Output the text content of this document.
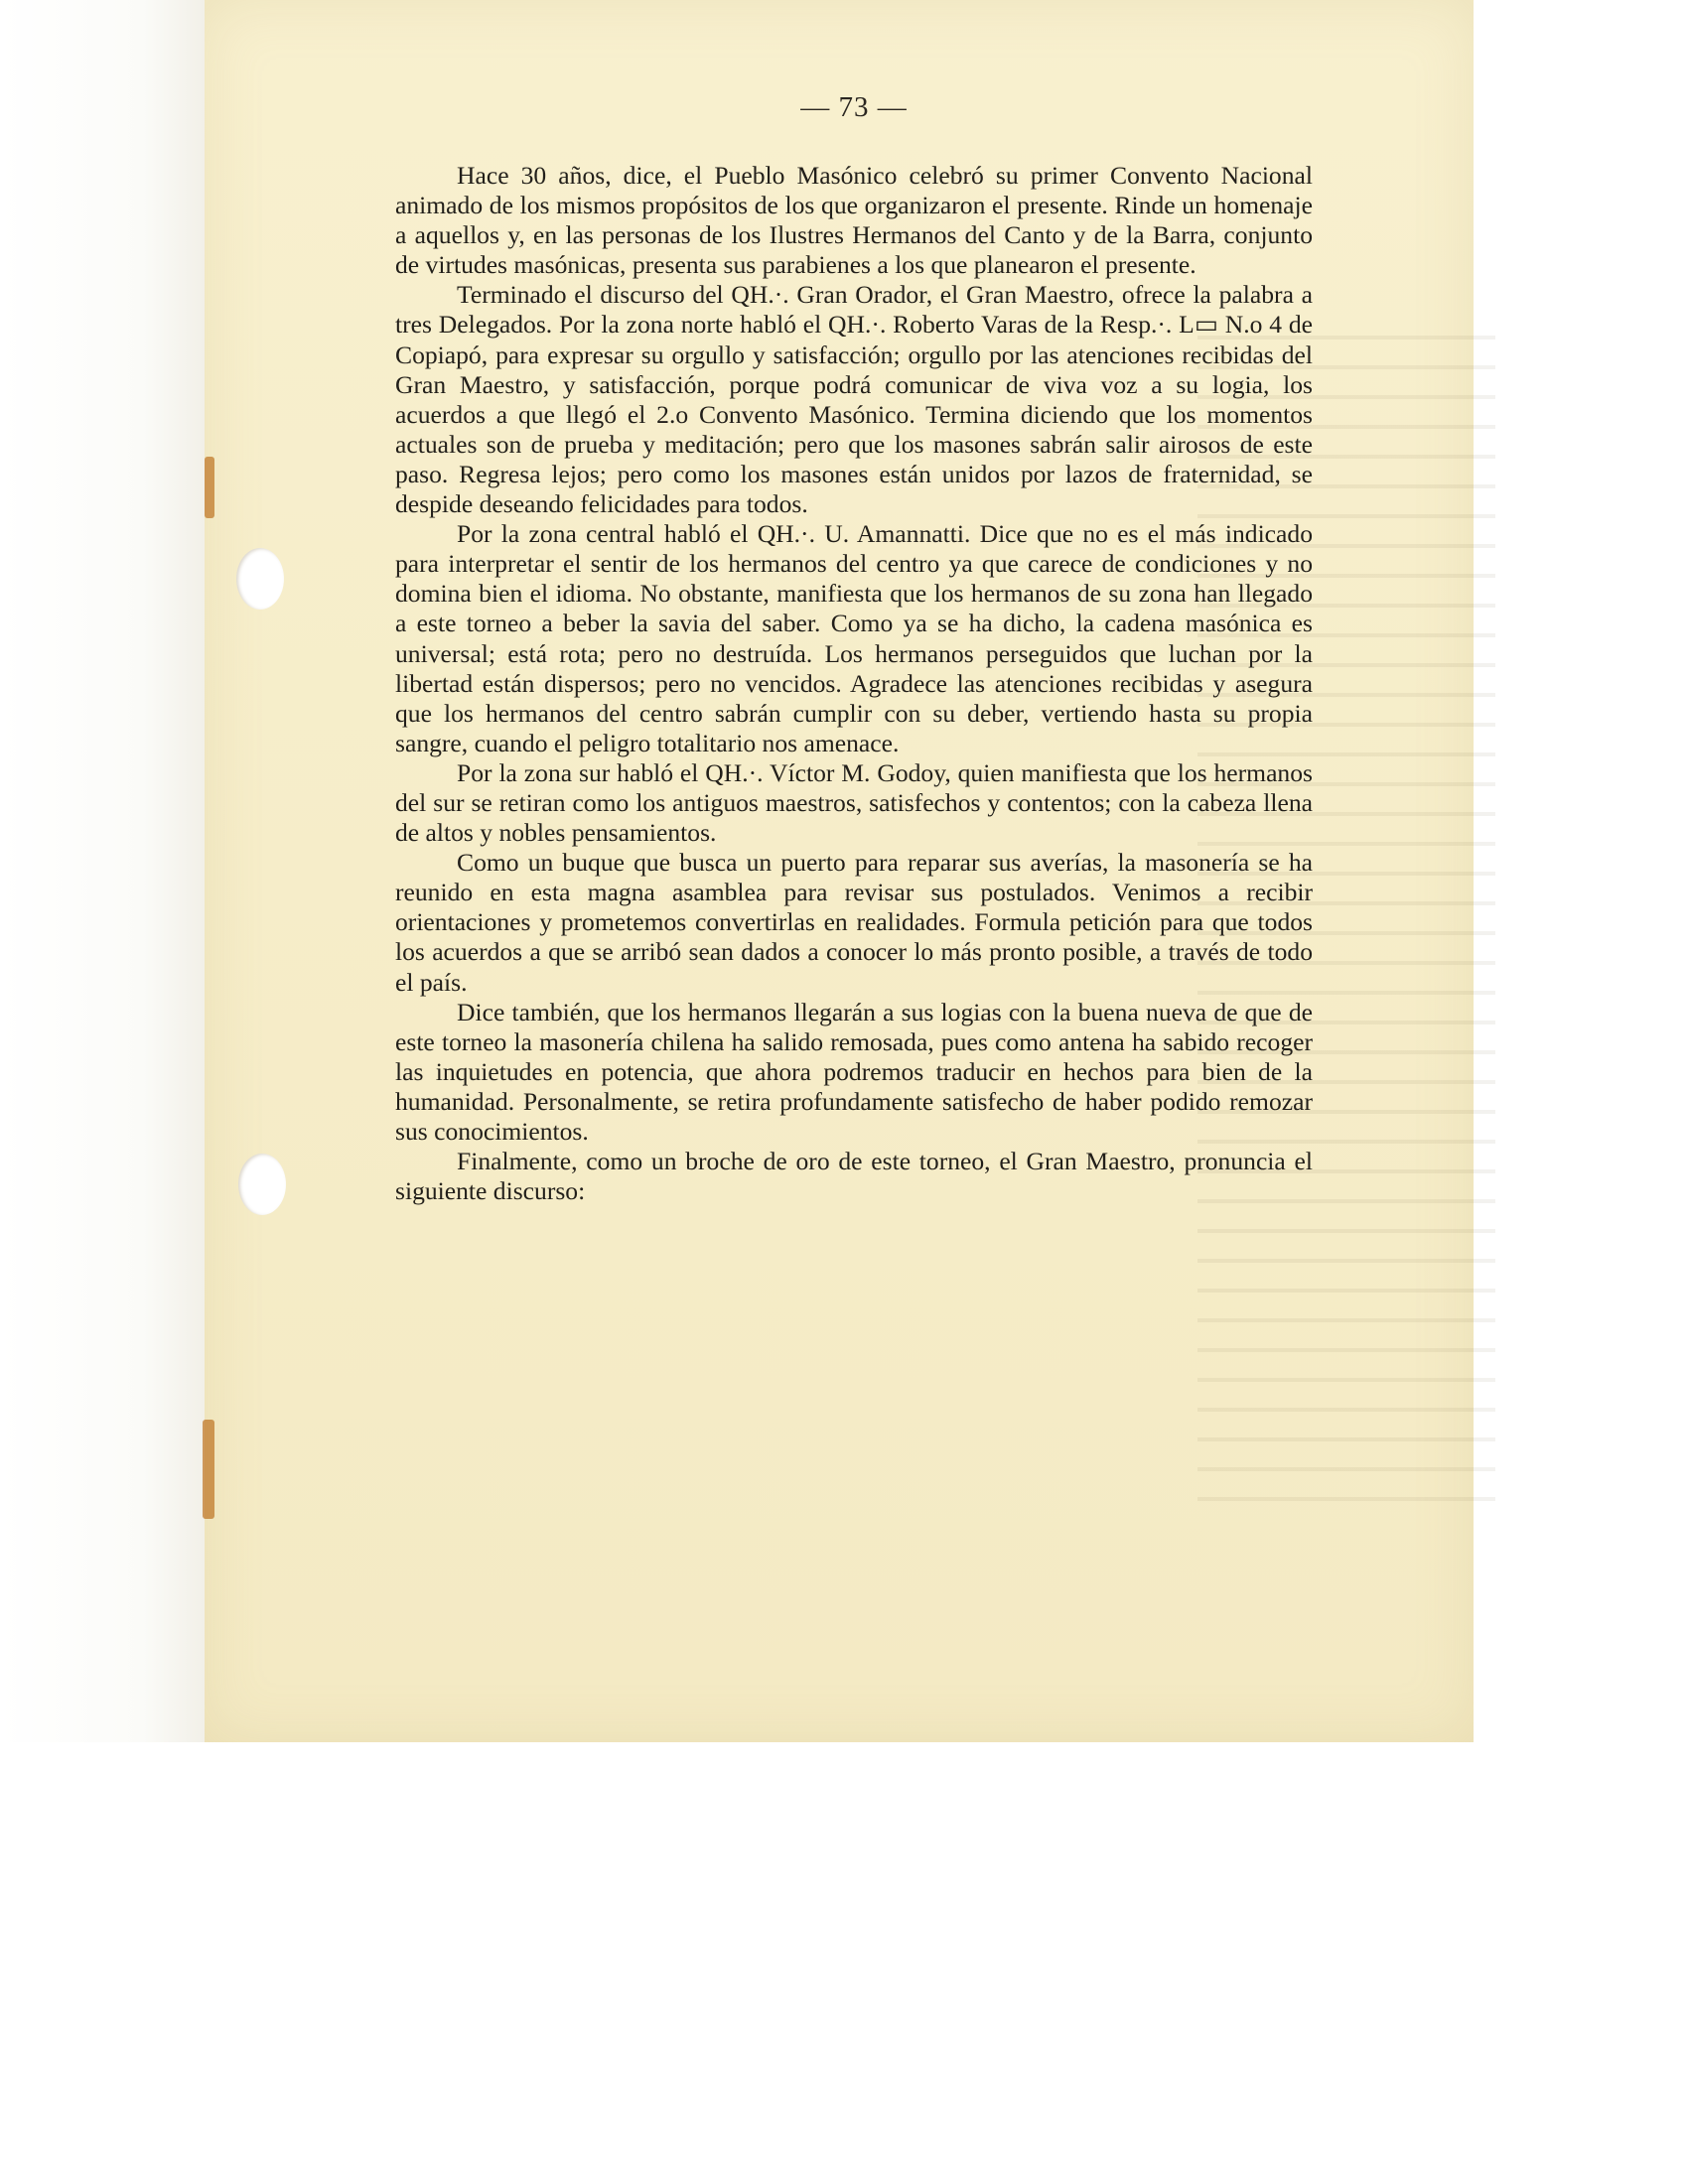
— 73 —

Hace 30 años, dice, el Pueblo Masónico celebró su primer Convento Nacional animado de los mismos propósitos de los que organizaron el presente. Rinde un homenaje a aquellos y, en las personas de los Ilustres Hermanos del Canto y de la Barra, conjunto de virtudes masónicas, presenta sus parabienes a los que planearon el presente.

Terminado el discurso del QH.·. Gran Orador, el Gran Maestro, ofrece la palabra a tres Delegados. Por la zona norte habló el QH.·. Roberto Varas de la Resp.·. L▭ N.o 4 de Copiapó, para expresar su orgullo y satisfacción; orgullo por las atenciones recibidas del Gran Maestro, y satisfacción, porque podrá comunicar de viva voz a su logia, los acuerdos a que llegó el 2.o Convento Masónico. Termina diciendo que los momentos actuales son de prueba y meditación; pero que los masones sabrán salir airosos de este paso. Regresa lejos; pero como los masones están unidos por lazos de fraternidad, se despide deseando felicidades para todos.

Por la zona central habló el QH.·. U. Amannatti. Dice que no es el más indicado para interpretar el sentir de los hermanos del centro ya que carece de condiciones y no domina bien el idioma. No obstante, manifiesta que los hermanos de su zona han llegado a este torneo a beber la savia del saber. Como ya se ha dicho, la cadena masónica es universal; está rota; pero no destruída. Los hermanos perseguidos que luchan por la libertad están dispersos; pero no vencidos. Agradece las atenciones recibidas y asegura que los hermanos del centro sabrán cumplir con su deber, vertiendo hasta su propia sangre, cuando el peligro totalitario nos amenace.

Por la zona sur habló el QH.·. Víctor M. Godoy, quien manifiesta que los hermanos del sur se retiran como los antiguos maestros, satisfechos y contentos; con la cabeza llena de altos y nobles pensamientos.

Como un buque que busca un puerto para reparar sus averías, la masonería se ha reunido en esta magna asamblea para revisar sus postulados. Venimos a recibir orientaciones y prometemos convertirlas en realidades. Formula petición para que todos los acuerdos a que se arribó sean dados a conocer lo más pronto posible, a través de todo el país.

Dice también, que los hermanos llegarán a sus logias con la buena nueva de que de este torneo la masonería chilena ha salido remosada, pues como antena ha sabido recoger las inquietudes en potencia, que ahora podremos traducir en hechos para bien de la humanidad. Personalmente, se retira profundamente satisfecho de haber podido remozar sus conocimientos.

Finalmente, como un broche de oro de este torneo, el Gran Maestro, pronuncia el siguiente discurso:
